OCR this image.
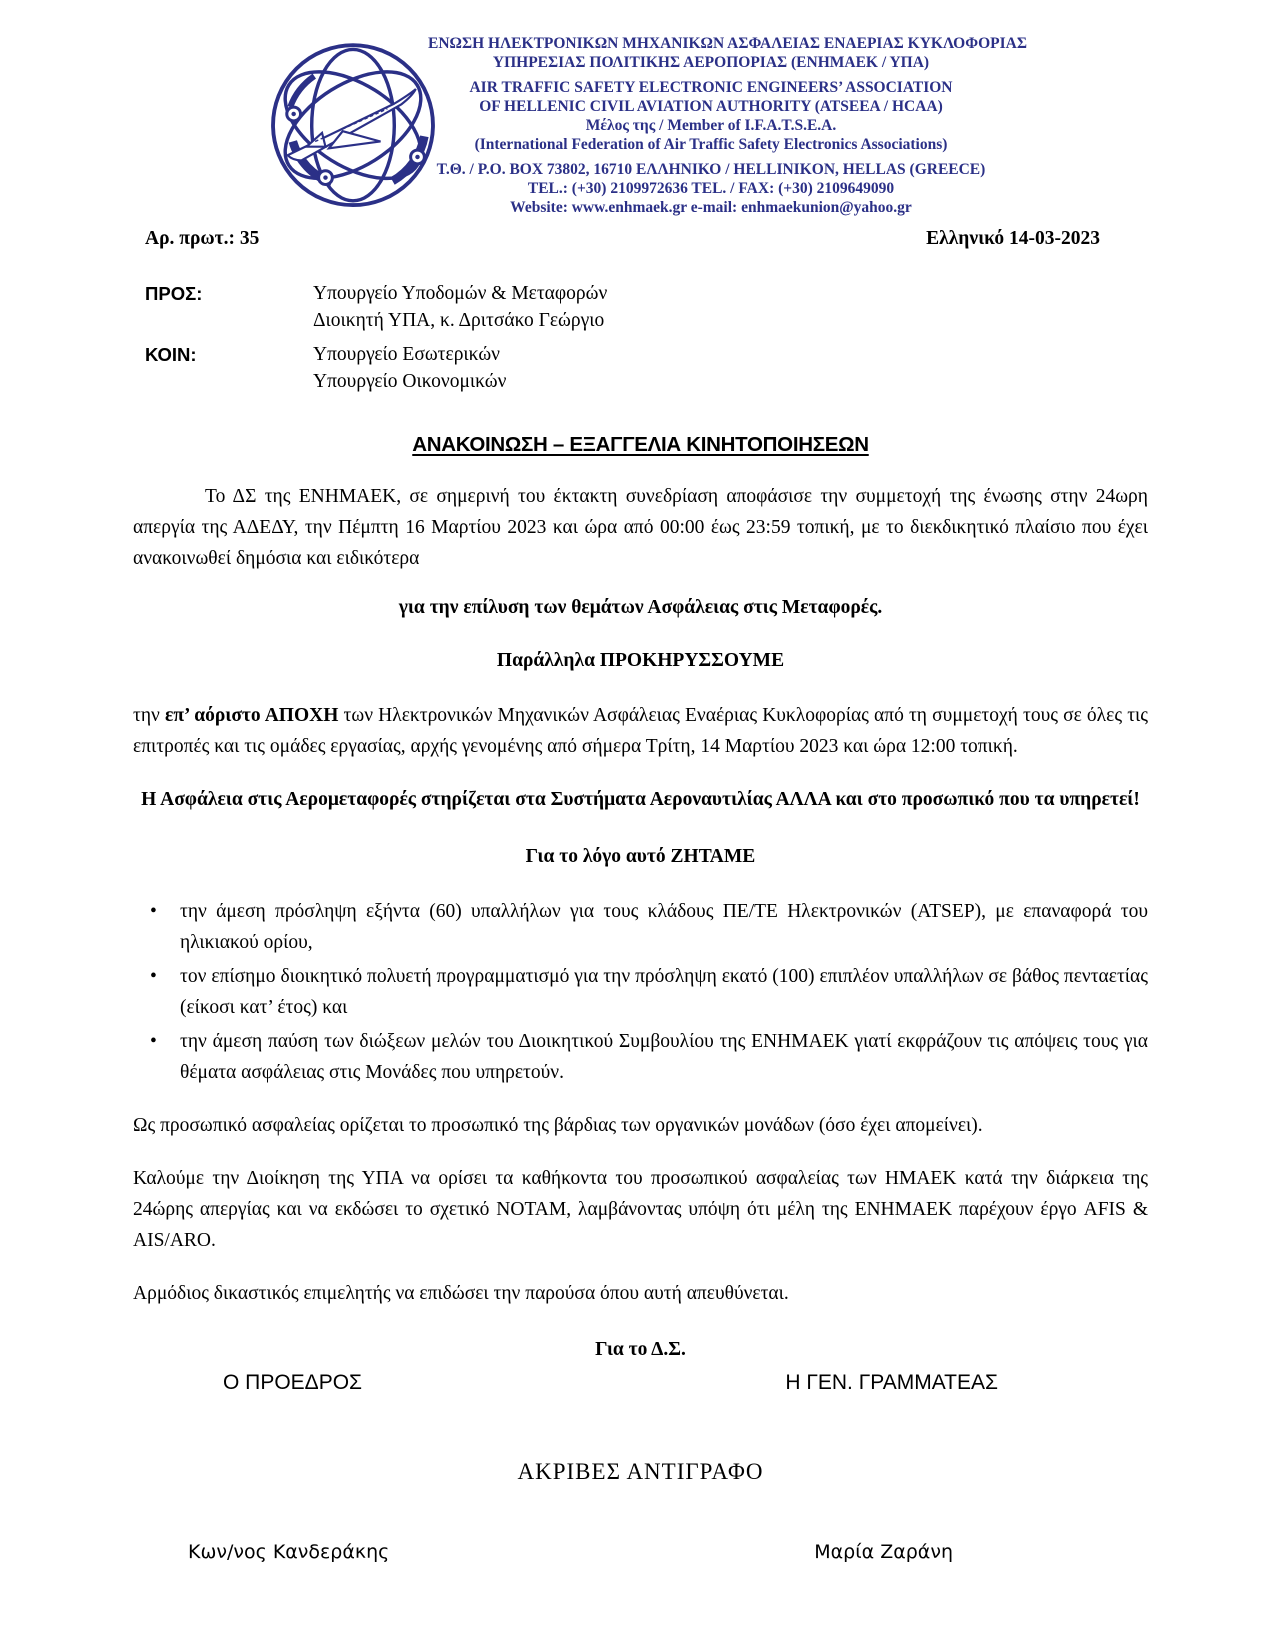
ΕΝΩΣΗ ΗΛΕΚΤΡΟΝΙΚΩΝ ΜΗΧΑΝΙΚΩΝ ΑΣΦΑΛΕΙΑΣ ΕΝΑΕΡΙΑΣ ΚΥΚΛΟΦΟΡΙΑΣ
ΥΠΗΡΕΣΙΑΣ ΠΟΛΙΤΙΚΗΣ ΑΕΡΟΠΟΡΙΑΣ (ΕΝΗΜΑΕΚ / ΥΠΑ)
AIR TRAFFIC SAFETY ELECTRONIC ENGINEERS’ ASSOCIATION
OF HELLENIC CIVIL AVIATION AUTHORITY (ATSEEA / HCAA)
Μέλος της / Member of I.F.A.T.S.E.A.
(International Federation of Air Traffic Safety Electronics Associations)
Τ.Θ. / P.O. BOX 73802, 16710 ΕΛΛΗΝΙΚΟ / HELLINIKON, HELLAS (GREECE)
TEL.: (+30) 2109972636 TEL. / FAX: (+30) 2109649090
Website: www.enhmaek.gr e-mail: enhmaekunion@yahoo.gr
Αρ. πρωτ.: 35	Ελληνικό 14-03-2023
ΠΡΟΣ:	Υπουργείο Υποδομών & Μεταφορών
Διοικητή ΥΠΑ, κ. Δριτσάκο Γεώργιο
ΚΟΙΝ:	Υπουργείο Εσωτερικών
Υπουργείο Οικονομικών
ΑΝΑΚΟΙΝΩΣΗ – ΕΞΑΓΓΕΛΙΑ ΚΙΝΗΤΟΠΟΙΗΣΕΩΝ

Το ΔΣ της ΕΝΗΜΑΕΚ, σε σημερινή του έκτακτη συνεδρίαση αποφάσισε την συμμετοχή της ένωσης στην 24ωρη απεργία της ΑΔΕΔΥ, την Πέμπτη 16 Μαρτίου 2023 και ώρα από 00:00 έως 23:59 τοπική, με το διεκδικητικό πλαίσιο που έχει ανακοινωθεί δημόσια και ειδικότερα

για την επίλυση των θεμάτων Ασφάλειας στις Μεταφορές.
Παράλληλα ΠΡΟΚΗΡΥΣΣΟΥΜΕ

την επ’ αόριστο ΑΠΟΧΗ των Ηλεκτρονικών Μηχανικών Ασφάλειας Εναέριας Κυκλοφορίας από τη συμμετοχή τους σε όλες τις επιτροπές και τις ομάδες εργασίας, αρχής γενομένης από σήμερα Τρίτη, 14 Μαρτίου 2023 και ώρα 12:00 τοπική.

Η Ασφάλεια στις Αερομεταφορές στηρίζεται στα Συστήματα Αεροναυτιλίας ΑΛΛΑ και στο προσωπικό που τα υπηρετεί!
Για το λόγο αυτό ΖΗΤΑΜΕ
• την άμεση πρόσληψη εξήντα (60) υπαλλήλων για τους κλάδους ΠΕ/ΤΕ Ηλεκτρονικών (ATSEP), με επαναφορά του ηλικιακού ορίου,
• τον επίσημο διοικητικό πολυετή προγραμματισμό για την πρόσληψη εκατό (100) επιπλέον υπαλλήλων σε βάθος πενταετίας (είκοσι κατ’ έτος) και
• την άμεση παύση των διώξεων μελών του Διοικητικού Συμβουλίου της ΕΝΗΜΑΕΚ γιατί εκφράζουν τις απόψεις τους για θέματα ασφάλειας στις Μονάδες που υπηρετούν.

Ως προσωπικό ασφαλείας ορίζεται το προσωπικό της βάρδιας των οργανικών μονάδων (όσο έχει απομείνει).

Καλούμε την Διοίκηση της ΥΠΑ να ορίσει τα καθήκοντα του προσωπικού ασφαλείας των ΗΜΑΕΚ κατά την διάρκεια της 24ώρης απεργίας και να εκδώσει το σχετικό NOTAM, λαμβάνοντας υπόψη ότι μέλη της ΕΝΗΜΑΕΚ παρέχουν έργο AFIS & AIS/ARO.

Αρμόδιος δικαστικός επιμελητής να επιδώσει την παρούσα όπου αυτή απευθύνεται.

Για το Δ.Σ.
Ο ΠΡΟΕΔΡΟΣ	Η ΓΕΝ. ΓΡΑΜΜΑΤΕΑΣ
ΑΚΡΙΒΕΣ ΑΝΤΙΓΡΑΦΟ
Κων/νος Κανδεράκης	Μαρία Ζαράνη
